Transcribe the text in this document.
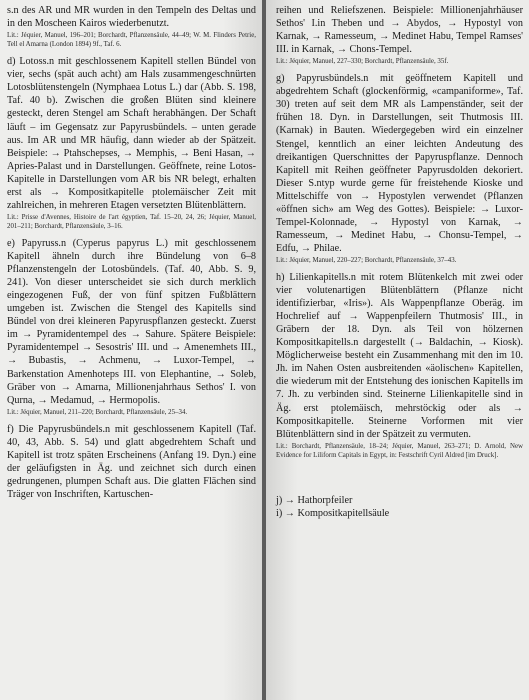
s.n des AR und MR wurden in den Tempeln des Deltas und in den Moscheen Kairos wiederbenutzt.

Lit.: Jéquier, Manuel, 196–201; Borchardt, Pflanzensäule, 44–49; W. M. Flinders Petrie, Tell el Amarna (London 1894) 9f., Taf. 6.

d) Lotoss.n mit geschlossenem Kapitell stellen Bündel von vier, sechs (spät auch acht) am Hals zusammengeschnürten Lotosblütenstengeln (Nymphaea Lotus L.) dar (Abb. S. 198, Taf. 40 b). Zwischen die großen Blüten sind kleinere gesteckt, deren Stengel am Schaft herabhängen. Der Schaft läuft – im Gegensatz zur Papyrusbündels. – unten gerade aus. Im AR und MR häufig, dann wieder ab der Spätzeit. Beispiele: → Ptahschepses, → Memphis, → Beni Hasan, → Apries-Palast und in Darstellungen. Geöffnete, reine Lotos-Kapitelle in Darstellungen vom AR bis NR belegt, erhalten erst als → Kompositkapitelle ptolemäischer Zeit mit zahlreichen, in mehreren Etagen versetzten Blütenblättern.

Lit.: Prisse d'Avennes, Histoire de l'art égyptien, Taf. 15–20, 24, 26; Jéquier, Manuel, 201–211; Borchardt, Pflanzensäule, 3–16.

e) Papyruss.n (Cyperus papyrus L.) mit geschlossenem Kapitell ähneln durch ihre Bündelung von 6–8 Pflanzenstengeln der Lotosbündels. (Taf. 40, Abb. S. 9, 241). Von dieser unterscheidet sie sich durch merklich eingezogenen Fuß, der von fünf spitzen Fußblättern umgeben ist. Zwischen die Stengel des Kapitells sind Bündel von drei kleineren Papyruspflanzen gesteckt. Zuerst im → Pyramidentempel des → Sahure. Spätere Beispiele: Pyramidentempel → Sesostris' III. und → Amenemhets III., → Bubastis, → Achmenu, → Luxor-Tempel, → Barkenstation Amenhoteps III. von Elephantine, → Soleb, Gräber von → Amarna, Millionenjahrhaus Sethos' I. von Qurna, → Medamud, → Hermopolis.

Lit.: Jéquier, Manuel, 211–220; Borchardt, Pflanzensäule, 25–34.

f) Die Papyrusbündels.n mit geschlossenem Kapitell (Taf. 40, 43, Abb. S. 54) und glatt abgedrehtem Schaft und Kapitell ist trotz späten Erscheinens (Anfang 19. Dyn.) eine der geläufigsten in Äg. und zeichnet sich durch einen gedrungenen, plumpen Schaft aus. Die glatten Flächen sind Träger von Inschriften, Kartuschen-

reihen und Reliefszenen. Beispiele: Millionenjahrhäuser Sethos' I.in Theben und → Abydos, → Hypostyl von Karnak, → Ramesseum, → Medinet Habu, Tempel Ramses' III. in Karnak, → Chons-Tempel.

Lit.: Jéquier, Manuel, 227–330; Borchardt, Pflanzensäule, 35f.

g) Papyrusbündels.n mit geöffnetem Kapitell und abgedrehtem Schaft (glockenförmig, «campaniforme», Taf. 30) treten auf seit dem MR als Lampenständer, seit der frühen 18. Dyn. in Darstellungen, seit Thutmosis III. (Karnak) in Bauten. Wiedergegeben wird ein einzelner Stengel, kenntlich an einer leichten Andeutung des dreikantigen Querschnittes der Papyruspflanze. Dennoch Kapitell mit Reihen geöffneter Papyrusdolden dekoriert. Dieser S.ntyp wurde gerne für freistehende Kioske und Mittelschiffe von → Hypostylen verwendet (Pflanzen «öffnen sich» am Weg des Gottes). Beispiele: → Luxor-Tempel-Kolonnade, → Hypostyl von Karnak, → Ramesseum, → Medinet Habu, → Chonsu-Tempel, → Edfu, → Philae.

Lit.: Jéquier, Manuel, 220–227; Borchardt, Pflanzensäule, 37–43.

h) Lilienkapitells.n mit rotem Blütenkelch mit zwei oder vier volutenartigen Blütenblättern (Pflanze nicht identifizierbar, «Iris»). Als Wappenpflanze Oberäg. im Hochrelief auf → Wappenpfeilern Thutmosis' III., in Gräbern der 18. Dyn. als Teil von hölzernen Kompositkapitells.n dargestellt (→ Baldachin, → Kiosk). Möglicherweise besteht ein Zusammenhang mit den im 10. Jh. im Nahen Osten ausbreitenden «äolischen» Kapitellen, die wiederum mit der Entstehung des ionischen Kapitells im 7. Jh. zu verbinden sind. Steinerne Lilienkapitelle sind in Äg. erst ptolemäisch, mehrstöckig oder als → Kompositkapitelle. Steinerne Vorformen mit vier Blütenblättern sind in der Spätzeit zu vermuten.

Lit.: Borchardt, Pflanzensäule, 18–24; Jéquier, Manuel, 263–271; D. Arnold, New Evidence for Liliform Capitals in Egypt, in: Festschrift Cyril Aldred [im Druck].

j) → Hathorpfeiler

i) → Kompositkapitellsäule
